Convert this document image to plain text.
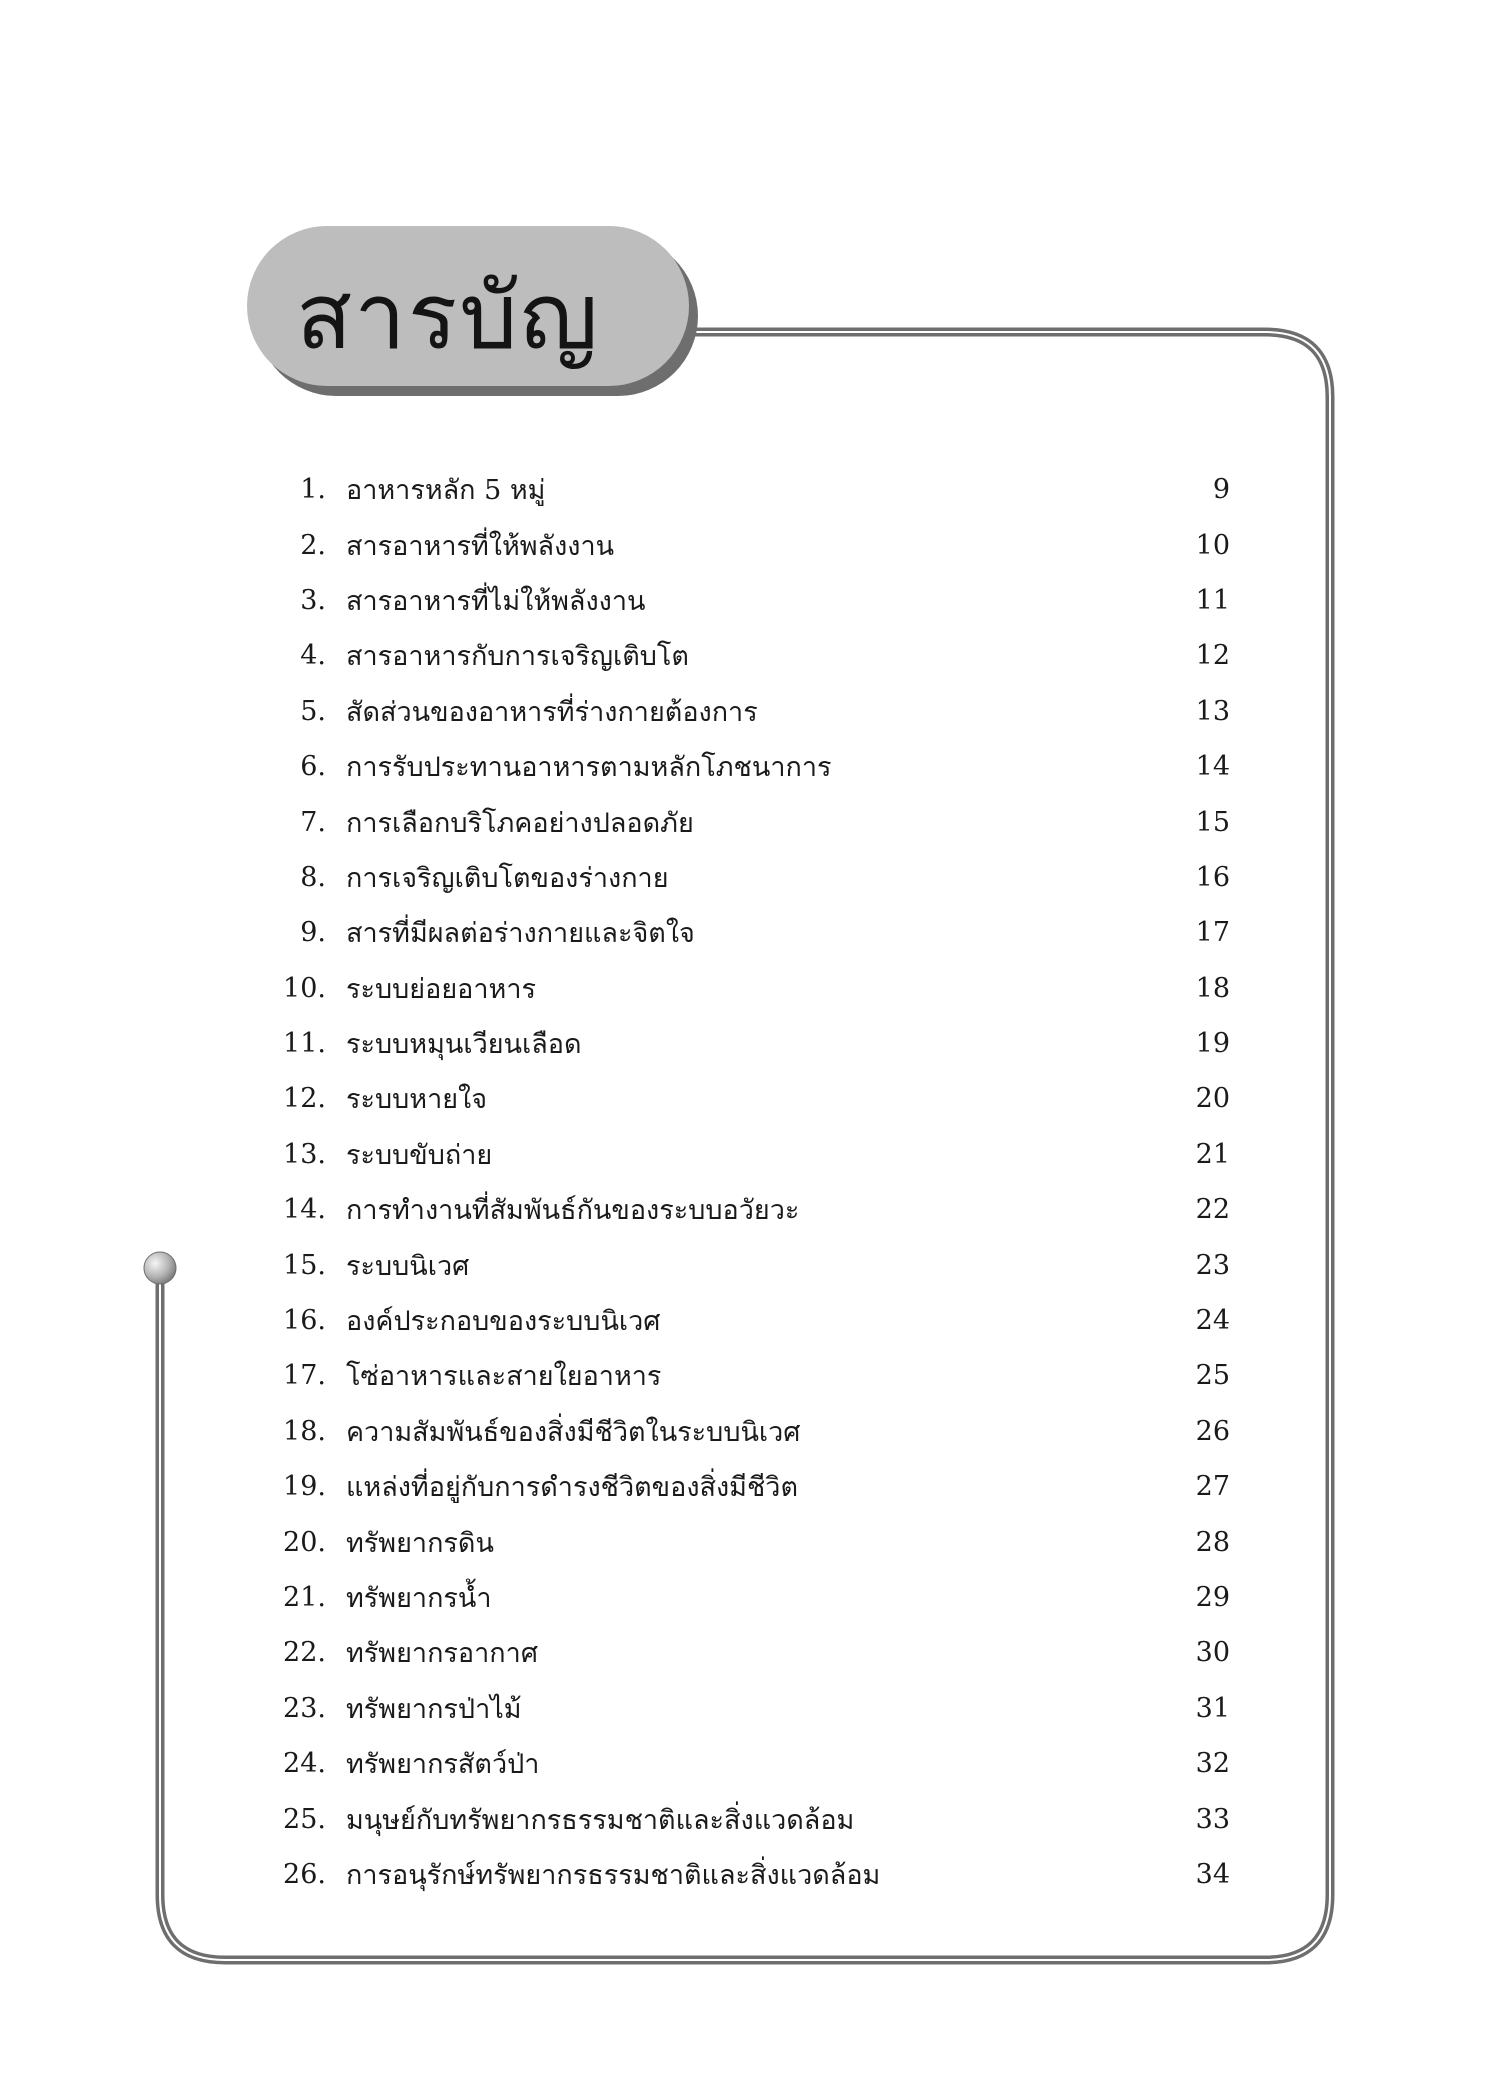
สารบัญ
1. อาหารหลัก 5 หมู่	9
2. สารอาหารที่ให้พลังงาน	10
3. สารอาหารที่ไม่ให้พลังงาน	11
4. สารอาหารกับการเจริญเติบโต	12
5. สัดส่วนของอาหารที่ร่างกายต้องการ	13
6. การรับประทานอาหารตามหลักโภชนาการ	14
7. การเลือกบริโภคอย่างปลอดภัย	15
8. การเจริญเติบโตของร่างกาย	16
9. สารที่มีผลต่อร่างกายและจิตใจ	17
10. ระบบย่อยอาหาร	18
11. ระบบหมุนเวียนเลือด	19
12. ระบบหายใจ	20
13. ระบบขับถ่าย	21
14. การทำงานที่สัมพันธ์กันของระบบอวัยวะ	22
15. ระบบนิเวศ	23
16. องค์ประกอบของระบบนิเวศ	24
17. โซ่อาหารและสายใยอาหาร	25
18. ความสัมพันธ์ของสิ่งมีชีวิตในระบบนิเวศ	26
19. แหล่งที่อยู่กับการดำรงชีวิตของสิ่งมีชีวิต	27
20. ทรัพยากรดิน	28
21. ทรัพยากรน้ำ	29
22. ทรัพยากรอากาศ	30
23. ทรัพยากรป่าไม้	31
24. ทรัพยากรสัตว์ป่า	32
25. มนุษย์กับทรัพยากรธรรมชาติและสิ่งแวดล้อม	33
26. การอนุรักษ์ทรัพยากรธรรมชาติและสิ่งแวดล้อม	34
